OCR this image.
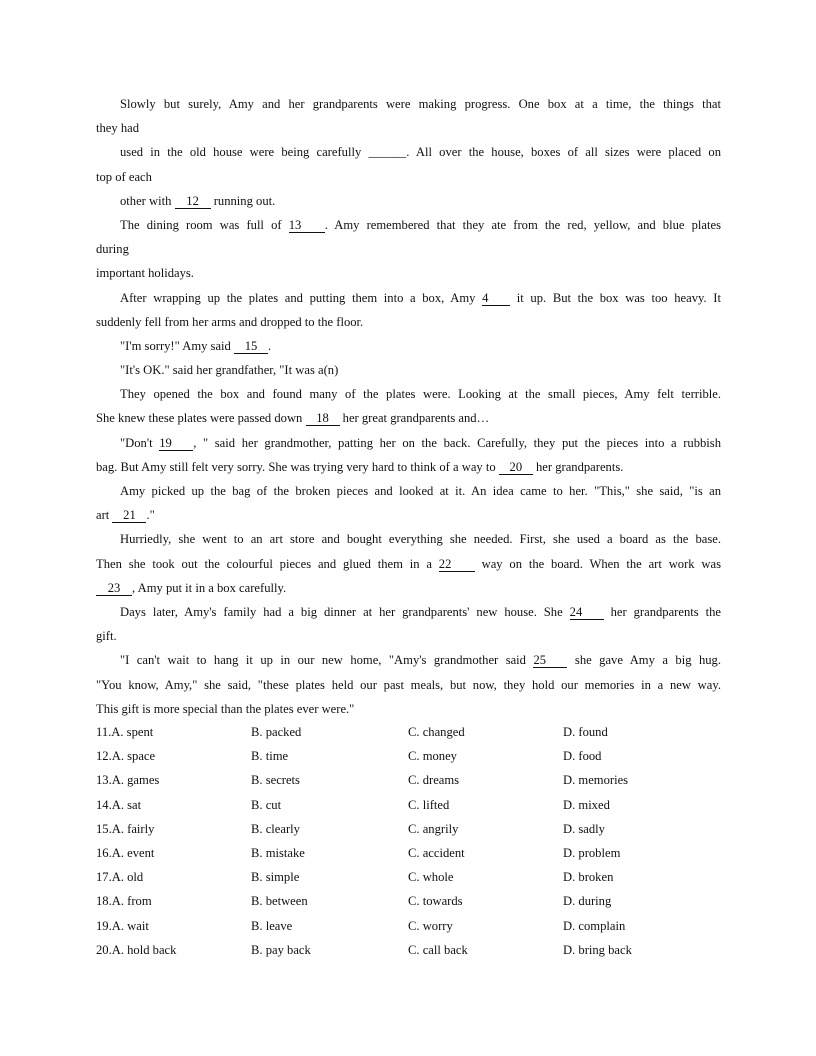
Slowly but surely, Amy and her grandparents were making progress. One box at a time, the things that
they had
used in the old house were being carefully ______. All over the house, boxes of all sizes were placed on
top of each
other with 12 running out.
The dining room was full of 13 . Amy remembered that they ate from the red, yellow, and blue plates
during
important holidays.
After wrapping up the plates and putting them into a box, Amy 4 it up. But the box was too heavy. It
suddenly fell from her arms and dropped to the floor.
"I'm sorry!" Amy said 15 .
"It's OK." said her grandfather, "It was a(n)
They opened the box and found many of the plates were. Looking at the small pieces, Amy felt terrible.
She knew these plates were passed down 18 her great grandparents and…
"Don't 19 , " said her grandmother, patting her on the back. Carefully, they put the pieces into a rubbish
bag. But Amy still felt very sorry. She was trying very hard to think of a way to 20 her grandparents.
Amy picked up the bag of the broken pieces and looked at it. An idea came to her. "This," she said, "is an
art 21 ."
Hurriedly, she went to an art store and bought everything she needed. First, she used a board as the base.
Then she took out the colourful pieces and glued them in a 22 way on the board. When the art work was
23 , Amy put it in a box carefully.
Days later, Amy's family had a big dinner at her grandparents' new house. She 24 her grandparents the
gift.
"I can't wait to hang it up in our new home, "Amy's grandmother said 25 she gave Amy a big hug.
"You know, Amy," she said, "these plates held our past meals, but now, they hold our memories in a new way.
This gift is more special than the plates ever were."
11.A. spent	B. packed	C. changed	D. found
12.A. space	B. time	C. money	D. food
13.A. games	B. secrets	C. dreams	D. memories
14.A. sat	B. cut	C. lifted	D. mixed
15.A. fairly	B. clearly	C. angrily	D. sadly
16.A. event	B. mistake	C. accident	D. problem
17.A. old	B. simple	C. whole	D. broken
18.A. from	B. between	C. towards	D. during
19.A. wait	B. leave	C. worry	D. complain
20.A. hold back	B. pay back	C. call back	D. bring back
